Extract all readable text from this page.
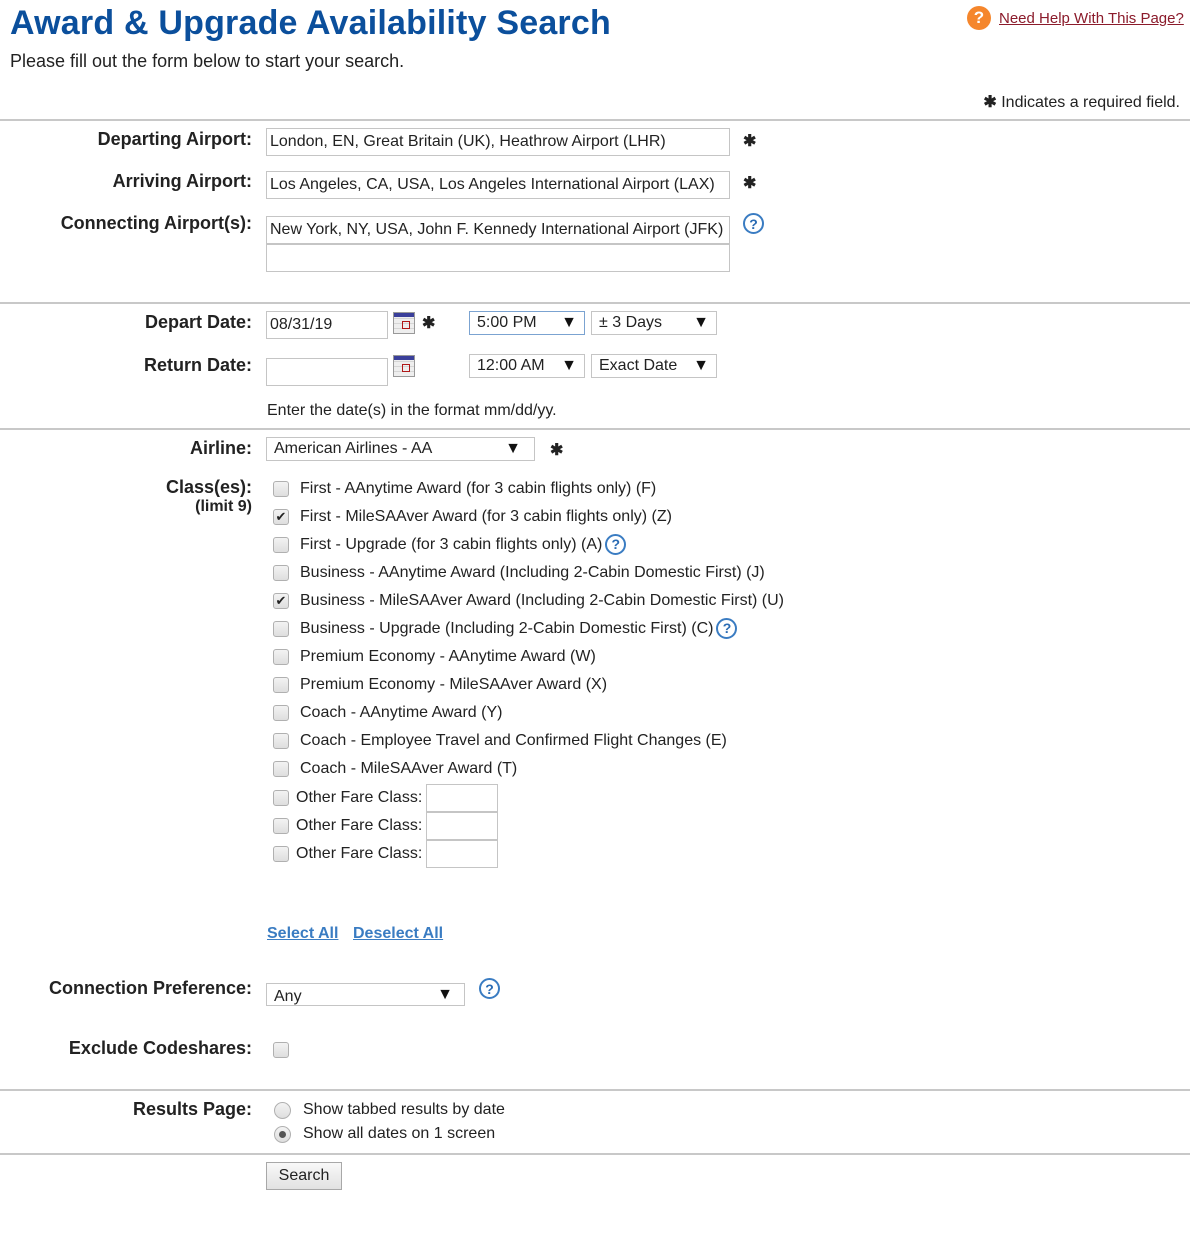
Award & Upgrade Availability Search
Please fill out the form below to start your search.
? Need Help With This Page?
✱ Indicates a required field.
Departing Airport: London, EN, Great Britain (UK), Heathrow Airport (LHR)	✱
Arriving Airport: Los Angeles, CA, USA, Los Angeles International Airport (LAX)	✱
Connecting Airport(s): New York, NY, USA, John F. Kennedy International Airport (JFK)	?
Depart Date: 08/31/19	✱	5:00 PM ▼ ± 3 Days ▼
Return Date:	12:00 AM ▼ Exact Date ▼
Enter the date(s) in the format mm/dd/yy.
Airline: American Airlines - AA	▼ ✱
Class(es):
(limit 9)
First - AAnytime Award (for 3 cabin flights only) (F)
✔ First - MileSAAver Award (for 3 cabin flights only) (Z)
First - Upgrade (for 3 cabin flights only) (A) ?
Business - AAnytime Award (Including 2-Cabin Domestic First) (J)
✔ Business - MileSAAver Award (Including 2-Cabin Domestic First) (U)
Business - Upgrade (Including 2-Cabin Domestic First) (C) ?
Premium Economy - AAnytime Award (W)
Premium Economy - MileSAAver Award (X)
Coach - AAnytime Award (Y)
Coach - Employee Travel and Confirmed Flight Changes (E)
Coach - MileSAAver Award (T)
Other Fare Class:
Other Fare Class:
Other Fare Class:
Select All Deselect All
Connection Preference: Any	▼	?
Exclude Codeshares:
Results Page:	Show tabbed results by date
Show all dates on 1 screen
Search
